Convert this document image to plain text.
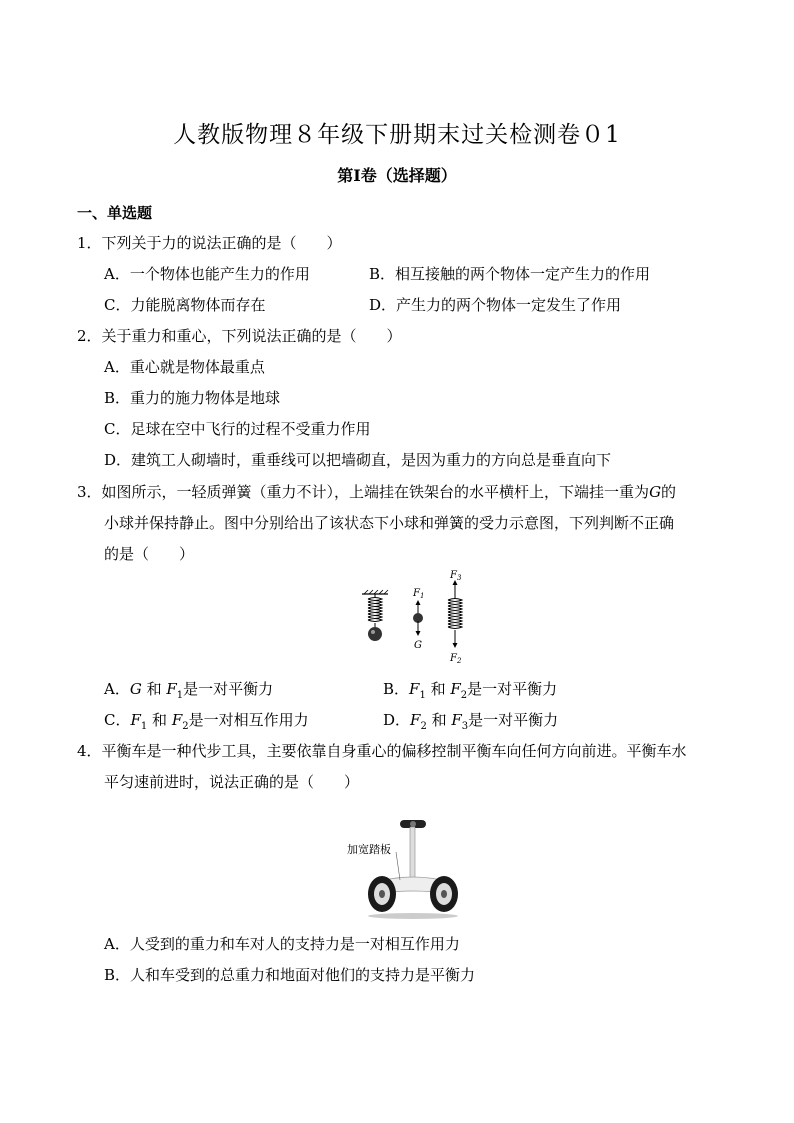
人教版物理８年级下册期末过关检测卷０1
第Ⅰ卷（选择题）
一、单选题
1．下列关于力的说法正确的是（　　）
A．一个物体也能产生力的作用	B．相互接触的两个物体一定产生力的作用
C．力能脱离物体而存在	D．产生力的两个物体一定发生了作用
2．关于重力和重心，下列说法正确的是（　　）
A．重心就是物体最重点
B．重力的施力物体是地球
C．足球在空中飞行的过程不受重力作用
D．建筑工人砌墙时，重垂线可以把墙砌直，是因为重力的方向总是垂直向下
3．如图所示，一轻质弹簧（重力不计），上端挂在铁架台的水平横杆上，下端挂一重为G的
小球并保持静止。图中分别给出了该状态下小球和弹簧的受力示意图，下列判断不正确
的是（　　）
$F_1$
G
$F_3$
$F_2$
A．G 和 $F_1$是一对平衡力	B．$F_1$ 和 $F_2$是一对平衡力
C．$F_1$ 和 $F_2$是一对相互作用力	D．$F_2$ 和 $F_3$是一对平衡力
4．平衡车是一种代步工具，主要依靠自身重心的偏移控制平衡车向任何方向前进。平衡车水
平匀速前进时，说法正确的是（　　）
加宽踏板
A．人受到的重力和车对人的支持力是一对相互作用力
B．人和车受到的总重力和地面对他们的支持力是平衡力
